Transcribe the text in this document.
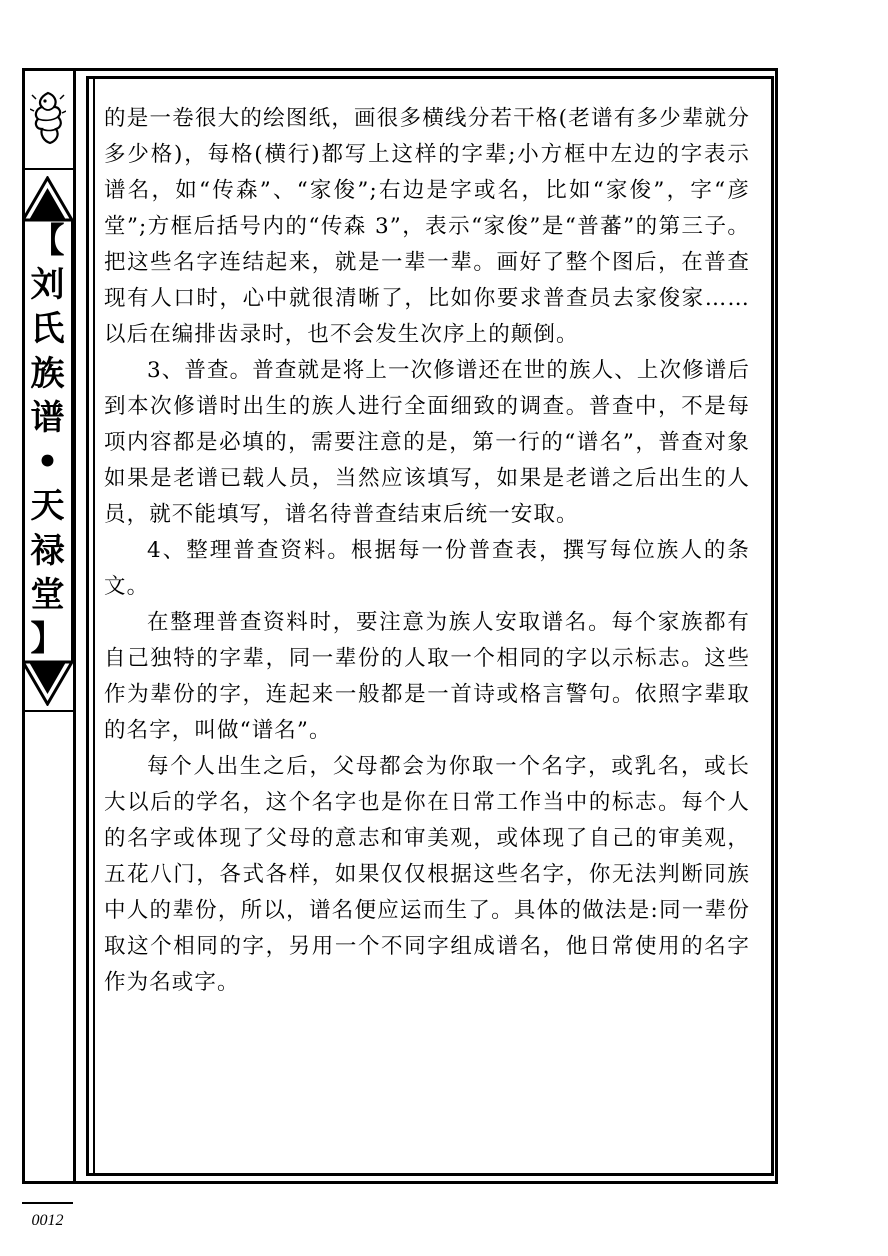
【
刘
氏
族
谱
•
天
禄
堂
】
0012

的是一卷很大的绘图纸，画很多横线分若干格(老谱有多少辈就分多少格)，每格(横行)都写上这样的字辈;小方框中左边的字表示谱名，如“传森”、“家俊”;右边是字或名，比如“家俊”，字“彦堂”;方框后括号内的“传森 3”，表示“家俊”是“普蕃”的第三子。把这些名字连结起来，就是一辈一辈。画好了整个图后，在普查现有人口时，心中就很清晰了，比如你要求普查员去家俊家……以后在编排齿录时，也不会发生次序上的颠倒。

3、普查。普查就是将上一次修谱还在世的族人、上次修谱后到本次修谱时出生的族人进行全面细致的调查。普查中，不是每项内容都是必填的，需要注意的是，第一行的“谱名”，普查对象如果是老谱已载人员，当然应该填写，如果是老谱之后出生的人员，就不能填写，谱名待普查结束后统一安取。

4、整理普查资料。根据每一份普查表，撰写每位族人的条文。

在整理普查资料时，要注意为族人安取谱名。每个家族都有自己独特的字辈，同一辈份的人取一个相同的字以示标志。这些作为辈份的字，连起来一般都是一首诗或格言警句。依照字辈取的名字，叫做“谱名”。

每个人出生之后，父母都会为你取一个名字，或乳名，或长大以后的学名，这个名字也是你在日常工作当中的标志。每个人的名字或体现了父母的意志和审美观，或体现了自己的审美观，五花八门，各式各样，如果仅仅根据这些名字，你无法判断同族中人的辈份，所以，谱名便应运而生了。具体的做法是:同一辈份取这个相同的字，另用一个不同字组成谱名，他日常使用的名字作为名或字。
